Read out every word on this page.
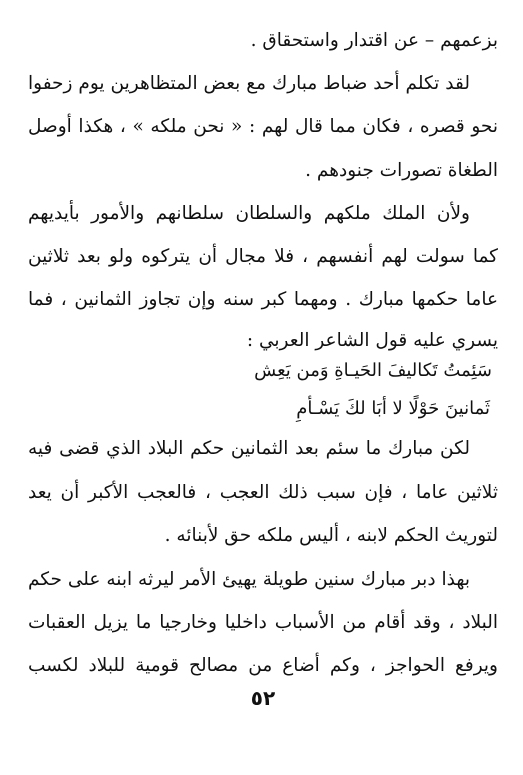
بزعمهم – عن اقتدار واستحقاق .
لقد تكلم أحد ضباط مبارك مع بعض المتظاهرين يوم زحفوا
نحو قصره ، فكان مما قال لهم : « نحن ملكه » ، هكذا أوصل
الطغاة تصورات جنودهم .
ولأن الملك ملكهم والسلطان سلطانهم والأمور بأيديهم
كما سولت لهم أنفسهم ، فلا مجال أن يتركوه ولو بعد ثلاثين
عاما حكمها مبارك . ومهما كبر سنه وإن تجاوز الثمانين ، فما
يسري عليه قول الشاعر العربي :
سَئِمتُ تَكاليفَ الحَيـاةِ وَمن يَعِش
ثَمانينَ حَوْلًا لا أبَا لكَ يَسْـأمِ
لكن مبارك ما سئم بعد الثمانين حكم البلاد الذي قضى فيه
ثلاثين عاما ، فإن سبب ذلك العجب ، فالعجب الأكبر أن يعد
لتوريث الحكم لابنه ، أليس ملكه حق لأبنائه .
بهذا دبر مبارك سنين طويلة يهيئ الأمر ليرثه ابنه على حكم
البلاد ، وقد أقام من الأسباب داخليا وخارجيا ما يزيل العقبات
ويرفع الحواجز ، وكم أضاع من مصالح قومية للبلاد لكسب
٥٢
